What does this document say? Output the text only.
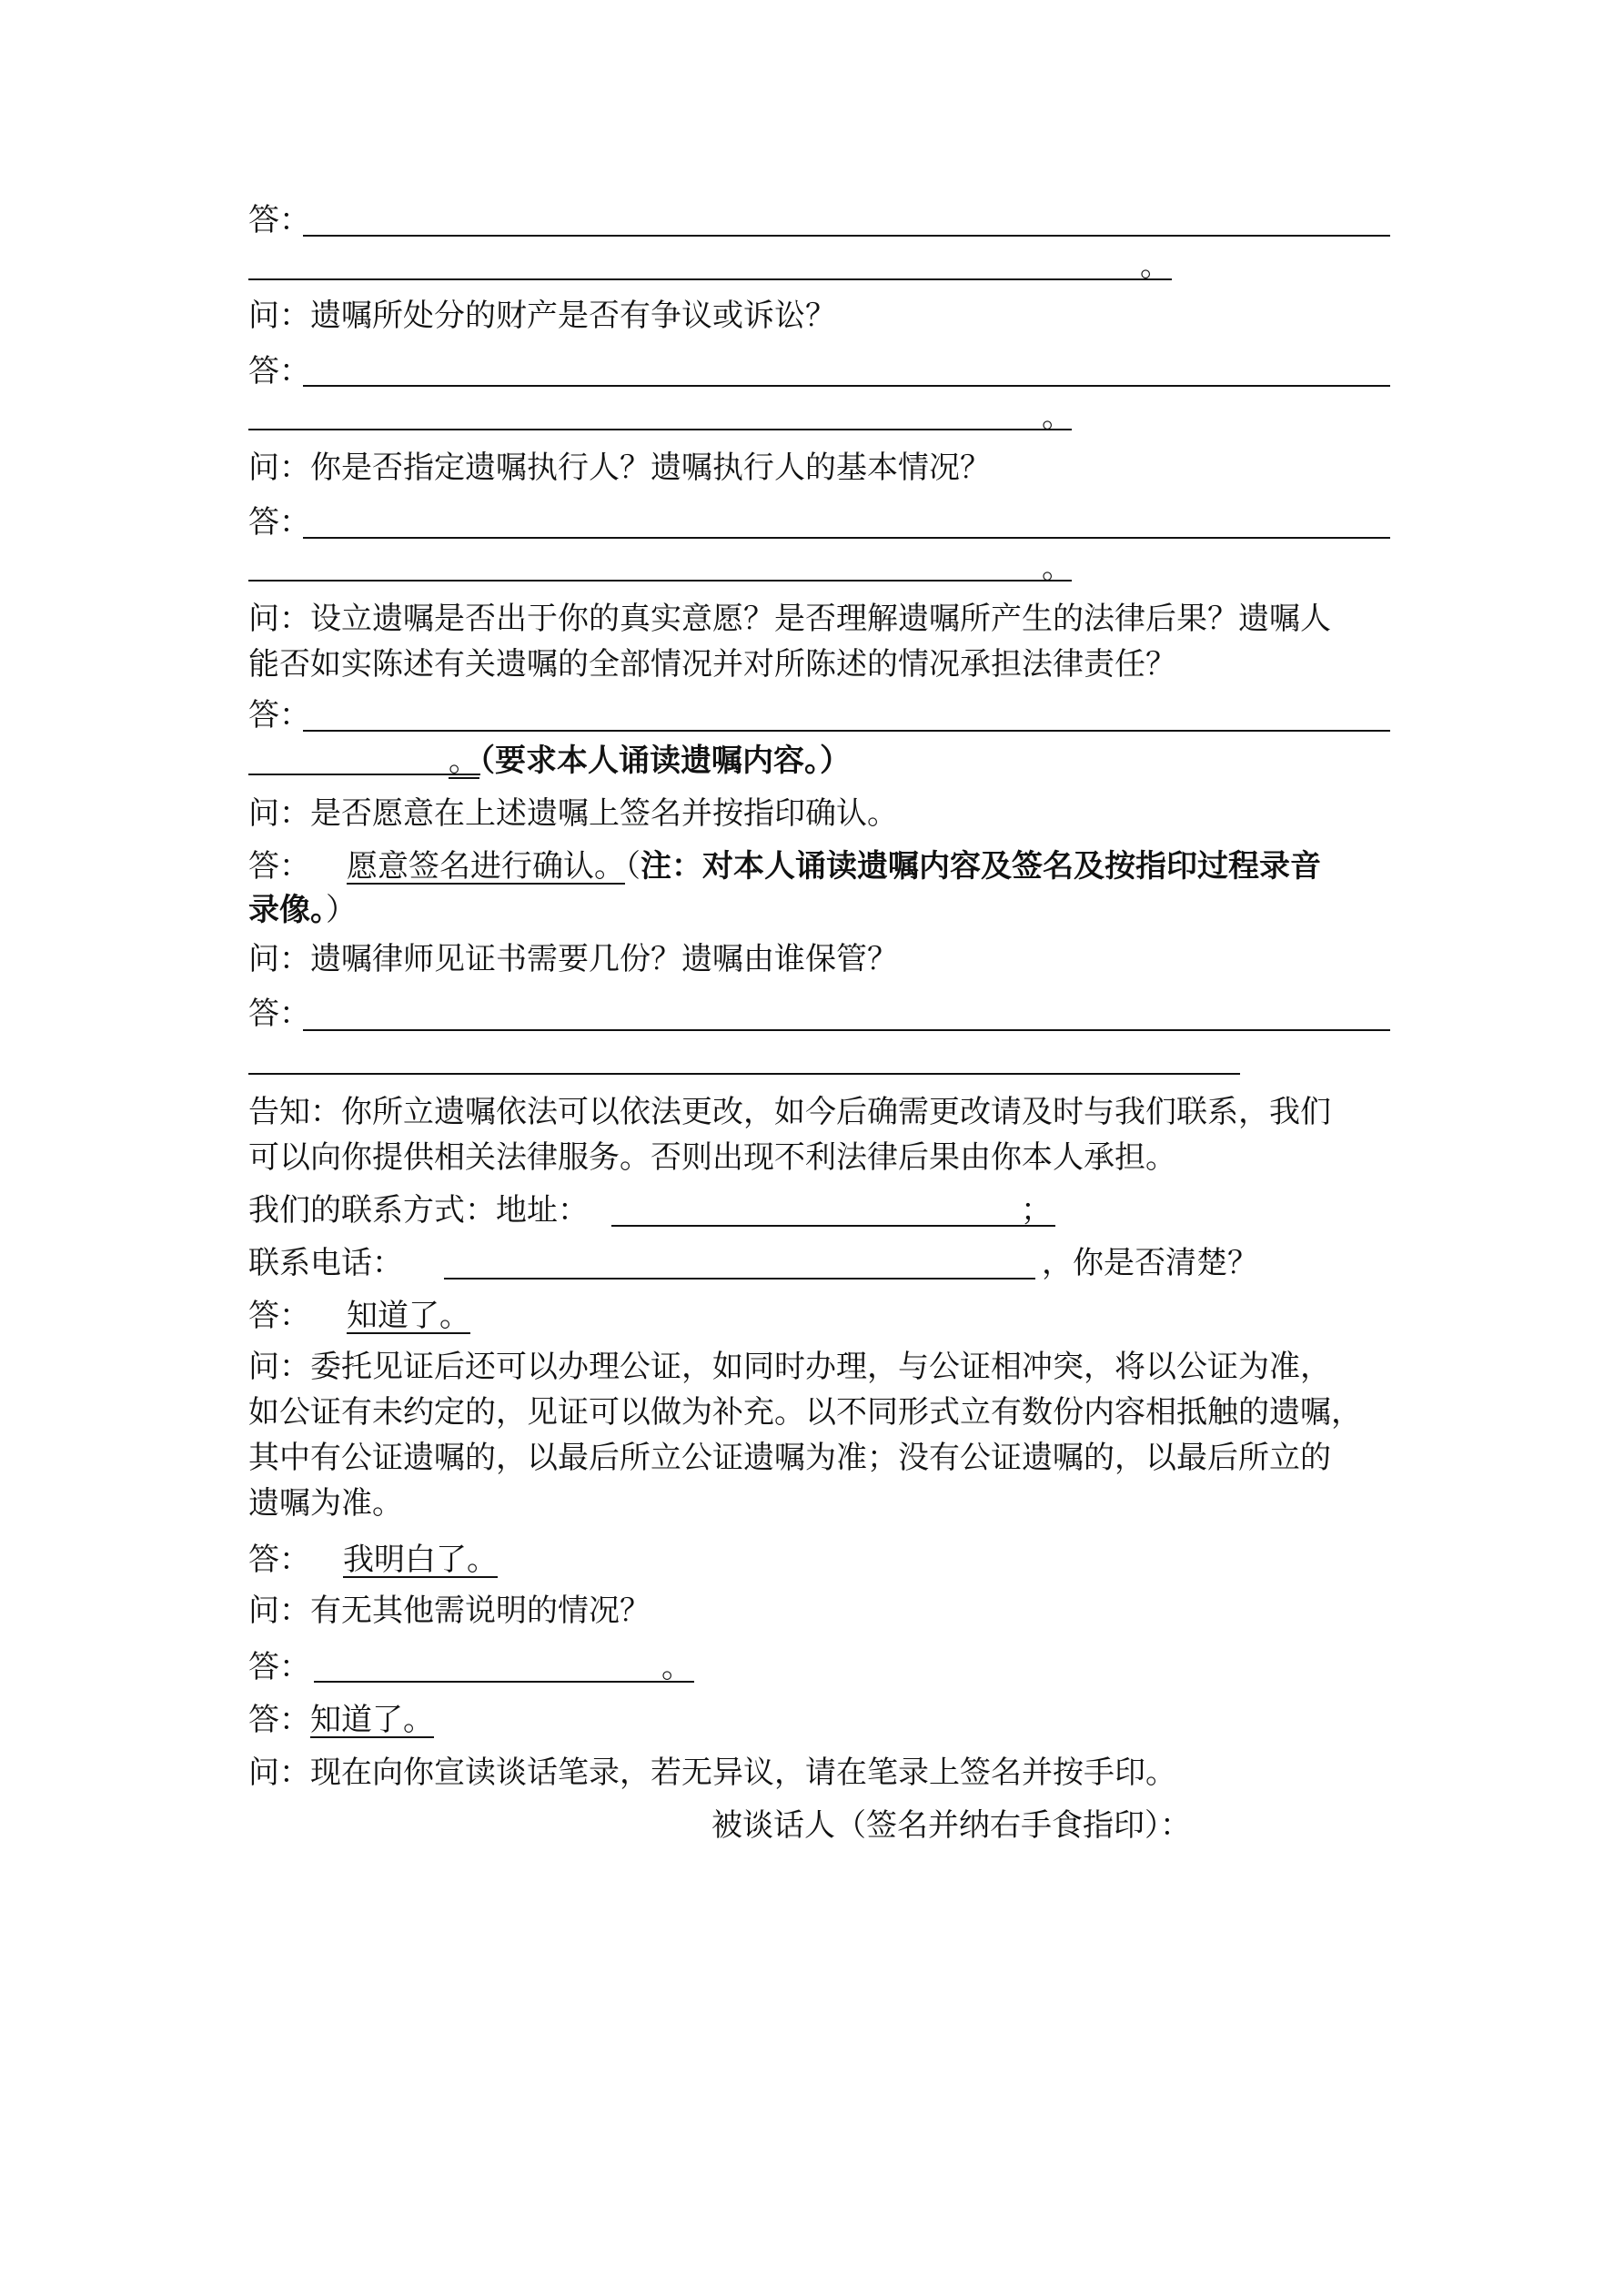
答：
。
问：遗嘱所处分的财产是否有争议或诉讼？
答：
。
问：你是否指定遗嘱执行人？遗嘱执行人的基本情况？
答：
。
问：设立遗嘱是否出于你的真实意愿？是否理解遗嘱所产生的法律后果？遗嘱人
能否如实陈述有关遗嘱的全部情况并对所陈述的情况承担法律责任？
答：
。（要求本人诵读遗嘱内容。）
问：是否愿意在上述遗嘱上签名并按指印确认。
答： 愿意签名进行确认。（注：对本人诵读遗嘱内容及签名及按指印过程录音
录像。）
问：遗嘱律师见证书需要几份？遗嘱由谁保管？
答：
告知：你所立遗嘱依法可以依法更改，如今后确需更改请及时与我们联系，我们
可以向你提供相关法律服务。否则出现不利法律后果由你本人承担。
我们的联系方式：地址：	；
联系电话：	，你是否清楚？
答： 知道了。
问：委托见证后还可以办理公证，如同时办理，与公证相冲突，将以公证为准，
如公证有未约定的，见证可以做为补充。以不同形式立有数份内容相抵触的遗嘱，
其中有公证遗嘱的，以最后所立公证遗嘱为准；没有公证遗嘱的，以最后所立的
遗嘱为准。
答： 我明白了。
问：有无其他需说明的情况？
答：	。
答：知道了。
问：现在向你宣读谈话笔录，若无异议，请在笔录上签名并按手印。
被谈话人（签名并纳右手食指印）：
